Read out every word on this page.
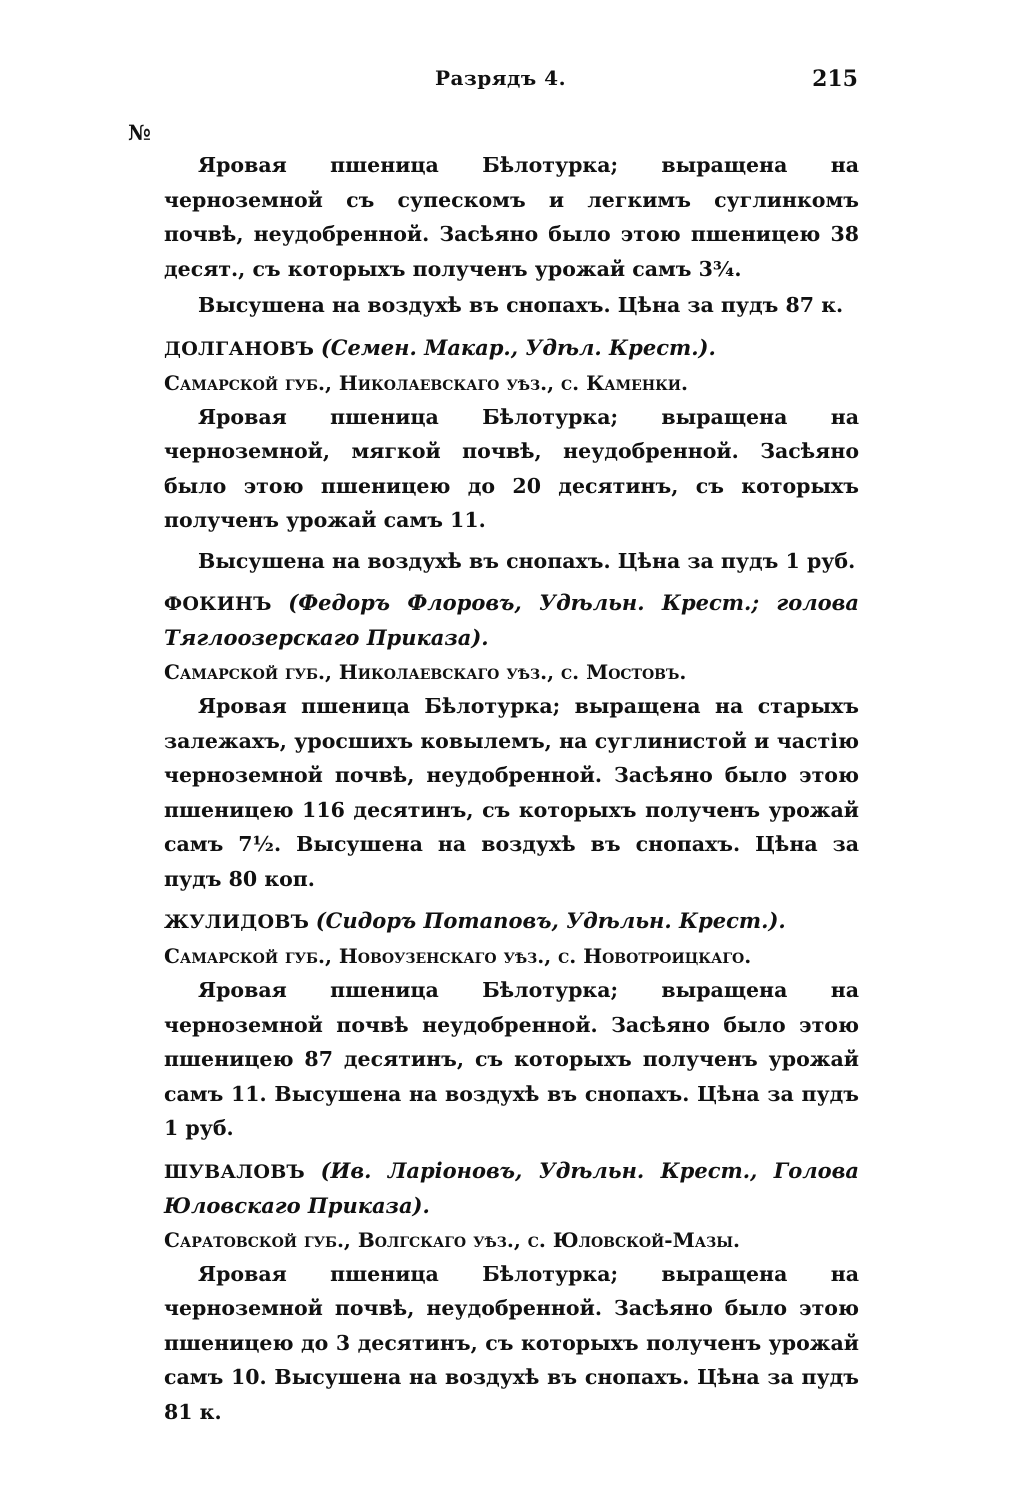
Разрядъ 4.	215
№

Яровая пшеница Бѣлотурка; выращена на черноземной съ супескомъ и легкимъ суглинкомъ почвѣ, неудобренной. Засѣяно было этою пшеницею 38 десят., съ которыхъ полученъ урожай самъ 3¾.

Высушена на воздухѣ въ снопахъ. Цѣна за пудъ 87 к.

ДОЛГАНОВЪ (Семен. Макар., Удѣл. Крест.).

Самарской губ., Николаевскаго уѣз., с. Каменки.

Яровая пшеница Бѣлотурка; выращена на черноземной, мягкой почвѣ, неудобренной. Засѣяно было этою пшеницею до 20 десятинъ, съ которыхъ полученъ урожай самъ 11.

Высушена на воздухѣ въ снопахъ. Цѣна за пудъ 1 руб.

ФОКИНЪ (Федоръ Флоровъ, Удѣльн. Крест.; голова Тяглоозерскаго Приказа).

Самарской губ., Николаевскаго уѣз., с. Мостовъ.

Яровая пшеница Бѣлотурка; выращена на старыхъ залежахъ, уросшихъ ковылемъ, на суглинистой и частію черноземной почвѣ, неудобренной. Засѣяно было этою пшеницею 116 десятинъ, съ которыхъ полученъ урожай самъ 7½. Высушена на воздухѣ въ снопахъ. Цѣна за пудъ 80 коп.

ЖУЛИДОВЪ (Сидоръ Потаповъ, Удѣльн. Крест.).

Самарской губ., Новоузенскаго уѣз., с. Новотроицкаго.

Яровая пшеница Бѣлотурка; выращена на черноземной почвѣ неудобренной. Засѣяно было этою пшеницею 87 десятинъ, съ которыхъ полученъ урожай самъ 11. Высушена на воздухѣ въ снопахъ. Цѣна за пудъ 1 руб.

ШУВАЛОВЪ (Ив. Ларіоновъ, Удѣльн. Крест., Голова Юловскаго Приказа).

Саратовской губ., Волгскаго уѣз., с. Юловской-Мазы.

Яровая пшеница Бѣлотурка; выращена на черноземной почвѣ, неудобренной. Засѣяно было этою пшеницею до 3 десятинъ, съ которыхъ полученъ урожай самъ 10. Высушена на воздухѣ въ снопахъ. Цѣна за пудъ 81 к.
